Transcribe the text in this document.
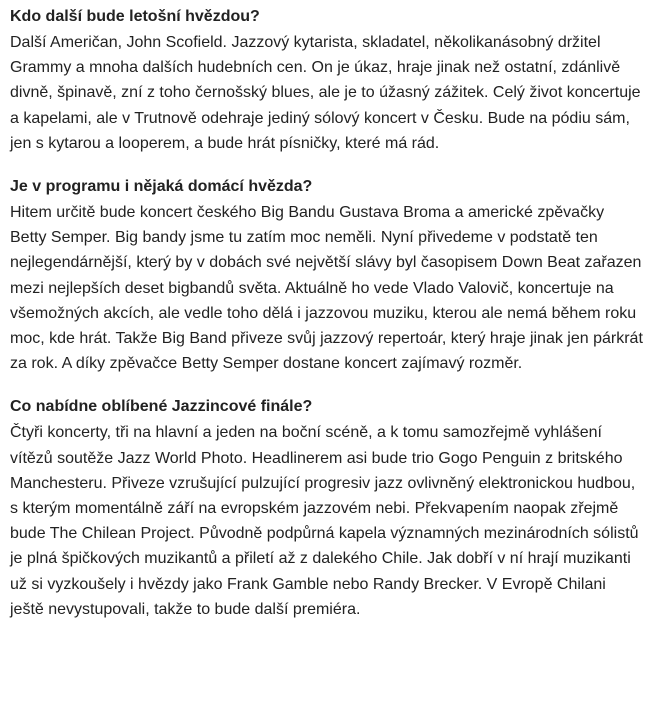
Kdo další bude letošní hvězdou?

Další Američan, John Scofield. Jazzový kytarista, skladatel, několikanásobný držitel Grammy a mnoha dalších hudebních cen. On je úkaz, hraje jinak než ostatní, zdánlivě divně, špinavě, zní z toho černošský blues, ale je to úžasný zážitek. Celý život koncertuje a kapelami, ale v Trutnově odehraje jediný sólový koncert v Česku. Bude na pódiu sám, jen s kytarou a looperem, a bude hrát písničky, které má rád.

Je v programu i nějaká domácí hvězda?

Hitem určitě bude koncert českého Big Bandu Gustava Broma a americké zpěvačky Betty Semper. Big bandy jsme tu zatím moc neměli. Nyní přivedeme v podstatě ten nejlegendárnější, který by v dobách své největší slávy byl časopisem Down Beat zařazen mezi nejlepších deset bigbandů světa. Aktuálně ho vede Vlado Valovič, koncertuje na všemožných akcích, ale vedle toho dělá i jazzovou muziku, kterou ale nemá během roku moc, kde hrát. Takže Big Band přiveze svůj jazzový repertoár, který hraje jinak jen párkrát za rok. A díky zpěvačce Betty Semper dostane koncert zajímavý rozměr.

Co nabídne oblíbené Jazzincové finále?

Čtyři koncerty, tři na hlavní a jeden na boční scéně, a k tomu samozřejmě vyhlášení vítězů soutěže Jazz World Photo. Headlinerem asi bude trio Gogo Penguin z britského Manchesteru. Přiveze vzrušující pulzující progresiv jazz ovlivněný elektronickou hudbou, s kterým momentálně září na evropském jazzovém nebi. Překvapením naopak zřejmě bude The Chilean Project. Původně podpůrná kapela významných mezinárodních sólistů je plná špičkových muzikantů a přiletí až z dalekého Chile. Jak dobří v ní hrají muzikanti už si vyzkoušely i hvězdy jako Frank Gamble nebo Randy Brecker. V Evropě Chilani ještě nevystupovali, takže to bude další premiéra.
